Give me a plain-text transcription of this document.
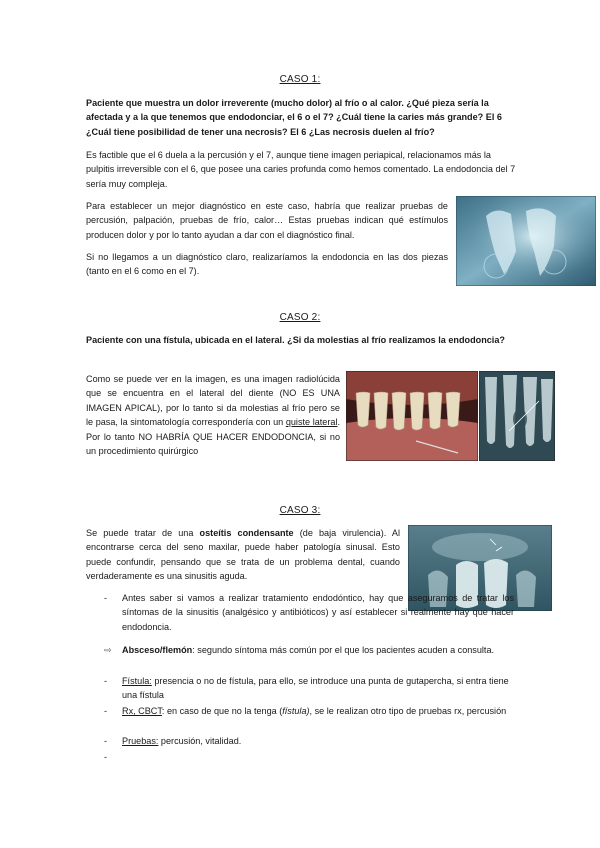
CASO 1:

Paciente que muestra un dolor irreverente (mucho dolor) al frío o al calor. ¿Qué pieza sería la afectada y a la que tenemos que endodonciar, el 6 o el 7? ¿Cuál tiene la caries más grande? El 6 ¿Cuál tiene posibilidad de tener una necrosis? El 6 ¿Las necrosis duelen al frío?

Es factible que el 6 duela a la percusión y el 7, aunque tiene imagen periapical, relacionamos más la pulpitis irreversible con el 6, que posee una caries profunda como hemos comentado. La endodoncia del 7 sería muy compleja.

Para establecer un mejor diagnóstico en este caso, habría que realizar pruebas de percusión, palpación, pruebas de frío, calor… Estas pruebas indican qué estímulos producen dolor y por lo tanto ayudan a dar con el diagnóstico final.

Si no llegamos a un diagnóstico claro, realizaríamos la endodoncia en las dos piezas (tanto en el 6 como en el 7).

CASO 2:

Paciente con una fístula, ubicada en el lateral. ¿Si da molestias al frío realizamos la endodoncia?

Como se puede ver en la imagen, es una imagen radiolúcida que se encuentra en el lateral del diente (NO ES UNA IMAGEN APICAL), por lo tanto si da molestias al frío pero se le pasa, la sintomatología correspondería con un quiste lateral. Por lo tanto NO HABRÍA QUE HACER ENDODONCIA, si no un procedimiento quirúrgico

CASO 3:

Se puede tratar de una osteítis condensante (de baja virulencia). Al encontrarse cerca del seno maxilar, puede haber patología sinusal. Esto puede confundir, pensando que se trata de un problema dental, cuando verdaderamente es una sinusitis aguda.

-	Antes saber si vamos a realizar tratamiento endodóntico, hay que aseguramos de tratar los síntomas de la sinusitis (analgésico y antibióticos) y así establecer si realmente hay que hacer endodoncia.

⇨	Absceso/flemón: segundo síntoma más común por el que los pacientes acuden a consulta.

-	Fístula: presencia o no de fístula, para ello, se introduce una punta de gutapercha, si entra tiene una fístula

-	Rx, CBCT: en caso de que no la tenga (fístula), se le realizan otro tipo de pruebas rx, percusión

-	Pruebas: percusión, vitalidad.

-
